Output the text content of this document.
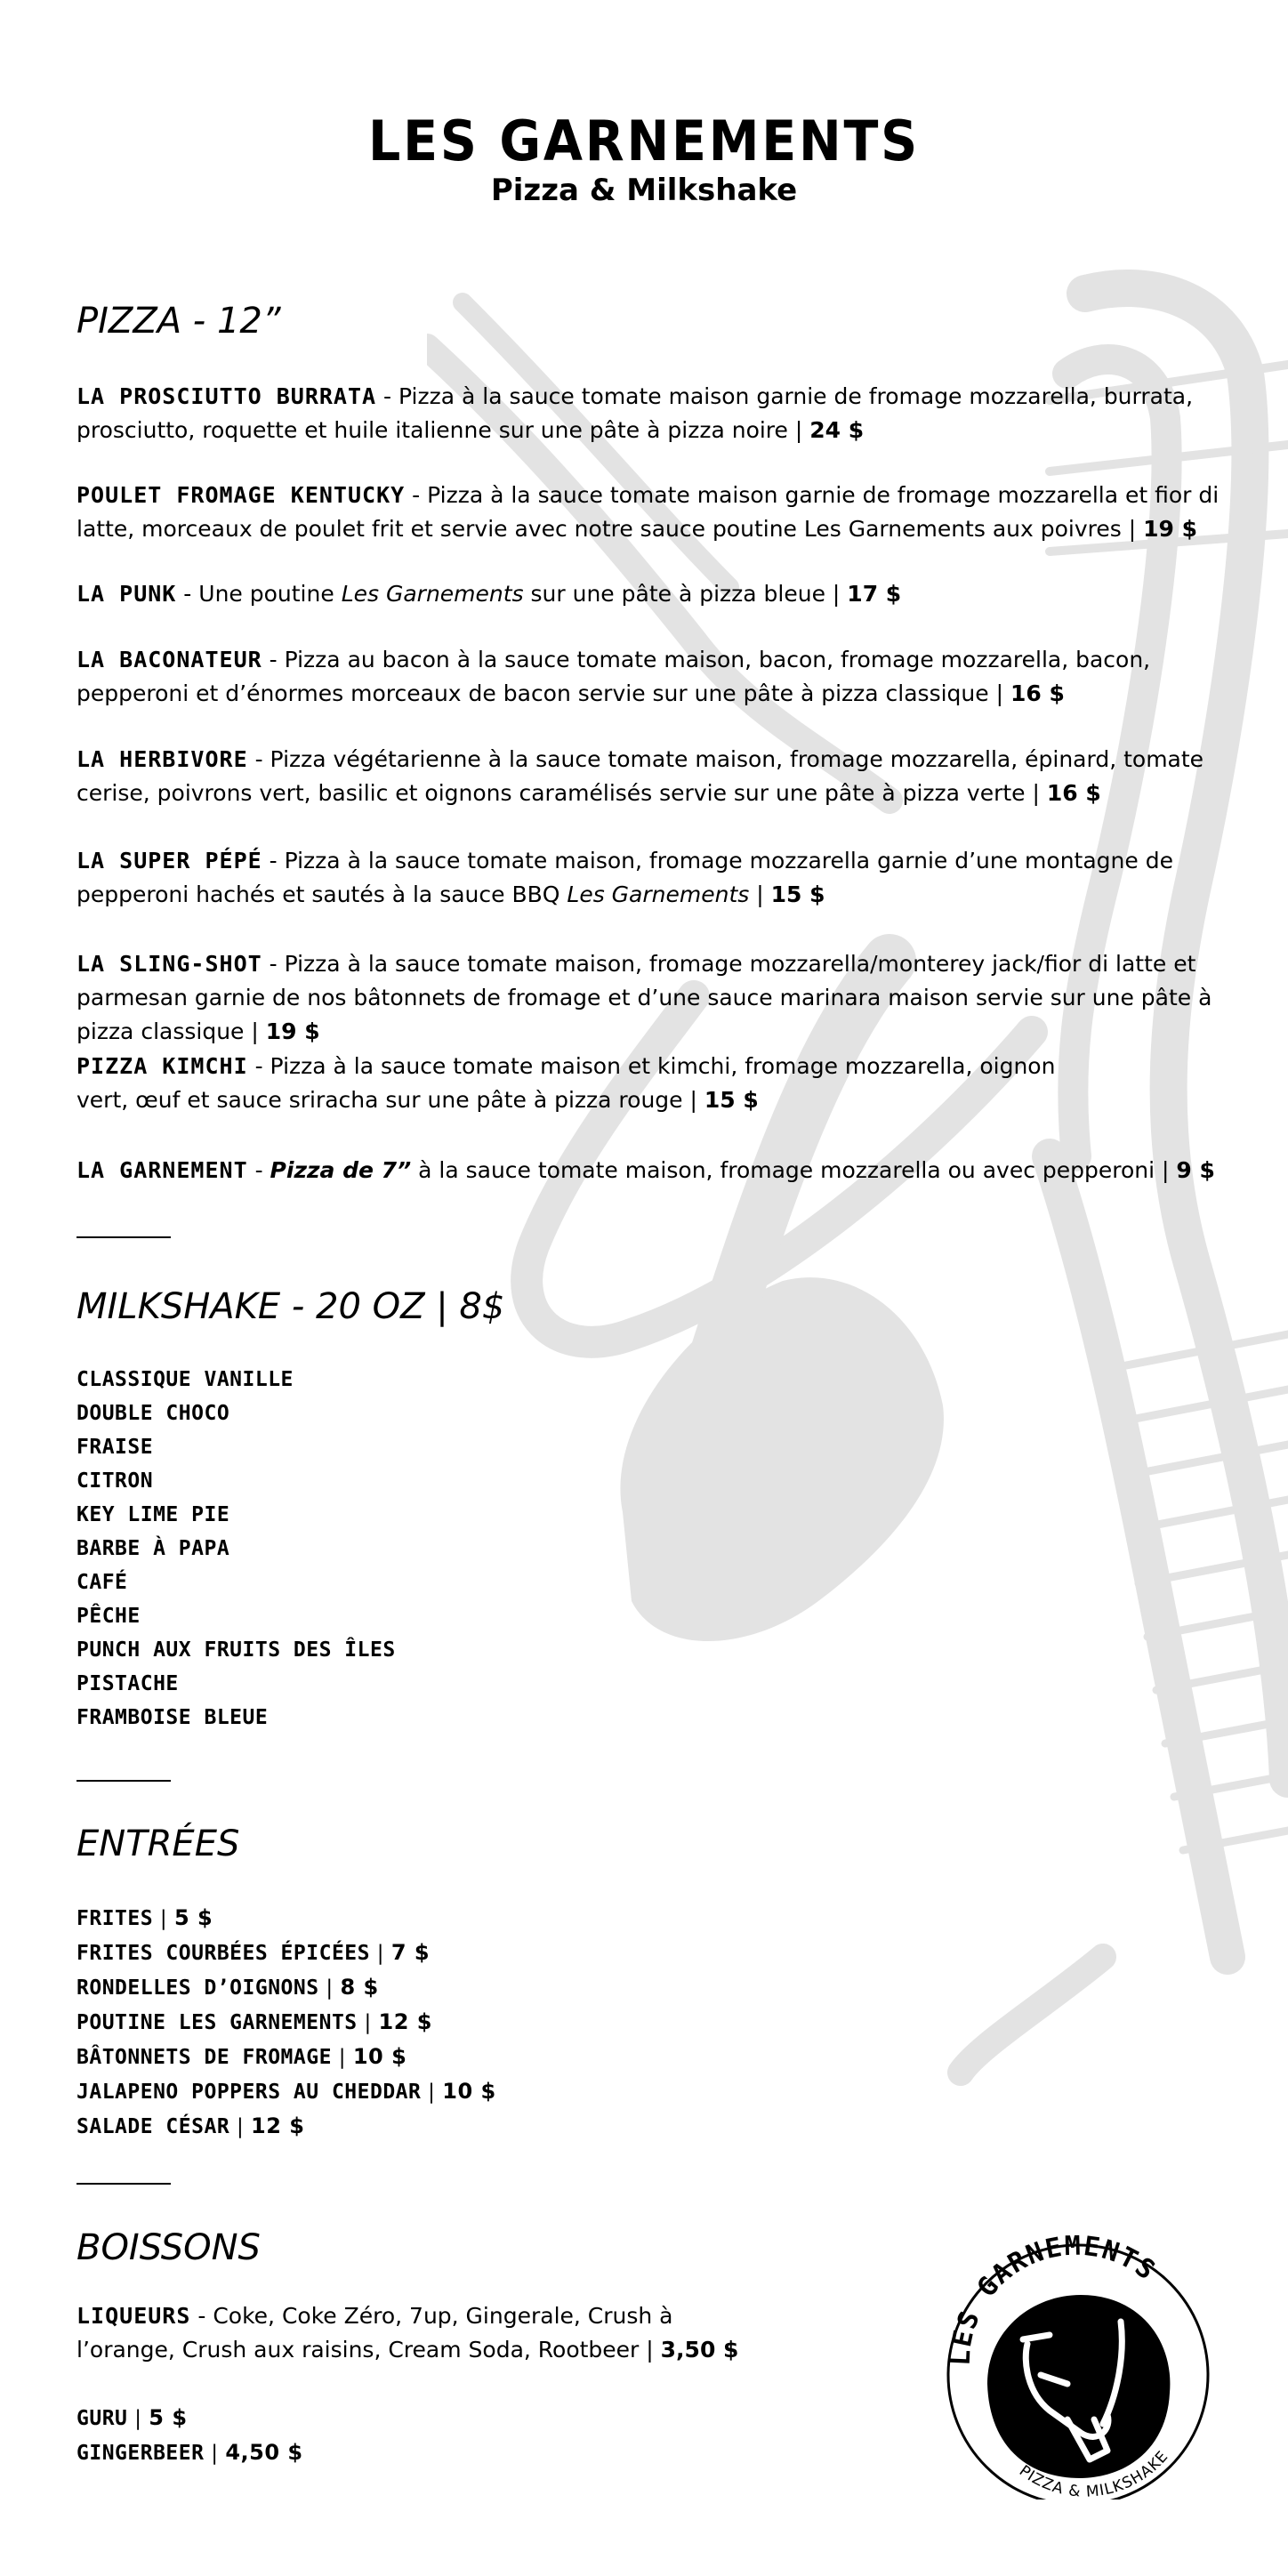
LES GARNEMENTS
Pizza & Milkshake
PIZZA - 12”
LA PROSCIUTTO BURRATA - Pizza à la sauce tomate maison garnie de fromage mozzarella, burrata, prosciutto, roquette et huile italienne sur une pâte à pizza noire | 24 $
POULET FROMAGE KENTUCKY - Pizza à la sauce tomate maison garnie de fromage mozzarella et fior di latte, morceaux de poulet frit et servie avec notre sauce poutine Les Garnements aux poivres | 19 $
LA PUNK - Une poutine Les Garnements sur une pâte à pizza bleue | 17 $
LA BACONATEUR - Pizza au bacon à la sauce tomate maison, bacon, fromage mozzarella, bacon, pepperoni et d’énormes morceaux de bacon servie sur une pâte à pizza classique | 16 $
LA HERBIVORE - Pizza végétarienne à la sauce tomate maison, fromage mozzarella, épinard, tomate cerise, poivrons vert, basilic et oignons caramélisés servie sur une pâte à pizza verte | 16 $
LA SUPER PÉPÉ - Pizza à la sauce tomate maison, fromage mozzarella garnie d’une montagne de pepperoni hachés et sautés à la sauce BBQ Les Garnements | 15 $
LA SLING-SHOT - Pizza à la sauce tomate maison, fromage mozzarella/monterey jack/fior di latte et parmesan garnie de nos bâtonnets de fromage et d’une sauce marinara maison servie sur une pâte à pizza classique | 19 $
PIZZA KIMCHI - Pizza à la sauce tomate maison et kimchi, fromage mozzarella, oignon vert, œuf et sauce sriracha sur une pâte à pizza rouge | 15 $
LA GARNEMENT - Pizza de 7” à la sauce tomate maison, fromage mozzarella ou avec pepperoni | 9 $
MILKSHAKE - 20 OZ | 8$
CLASSIQUE VANILLE
DOUBLE CHOCO
FRAISE
CITRON
KEY LIME PIE
BARBE À PAPA
CAFÉ
PÊCHE
PUNCH AUX FRUITS DES ÎLES
PISTACHE
FRAMBOISE BLEUE
ENTRÉES
FRITES | 5 $
FRITES COURBÉES ÉPICÉES | 7 $
RONDELLES D’OIGNONS | 8 $
POUTINE LES GARNEMENTS | 12 $
BÂTONNETS DE FROMAGE | 10 $
JALAPENO POPPERS AU CHEDDAR | 10 $
SALADE CÉSAR | 12 $
BOISSONS
LIQUEURS - Coke, Coke Zéro, 7up, Gingerale, Crush à l’orange, Crush aux raisins, Cream Soda, Rootbeer | 3,50 $
GURU | 5 $
GINGERBEER | 4,50 $
LES GARNEMENTS
PIZZA & MILKSHAKE
